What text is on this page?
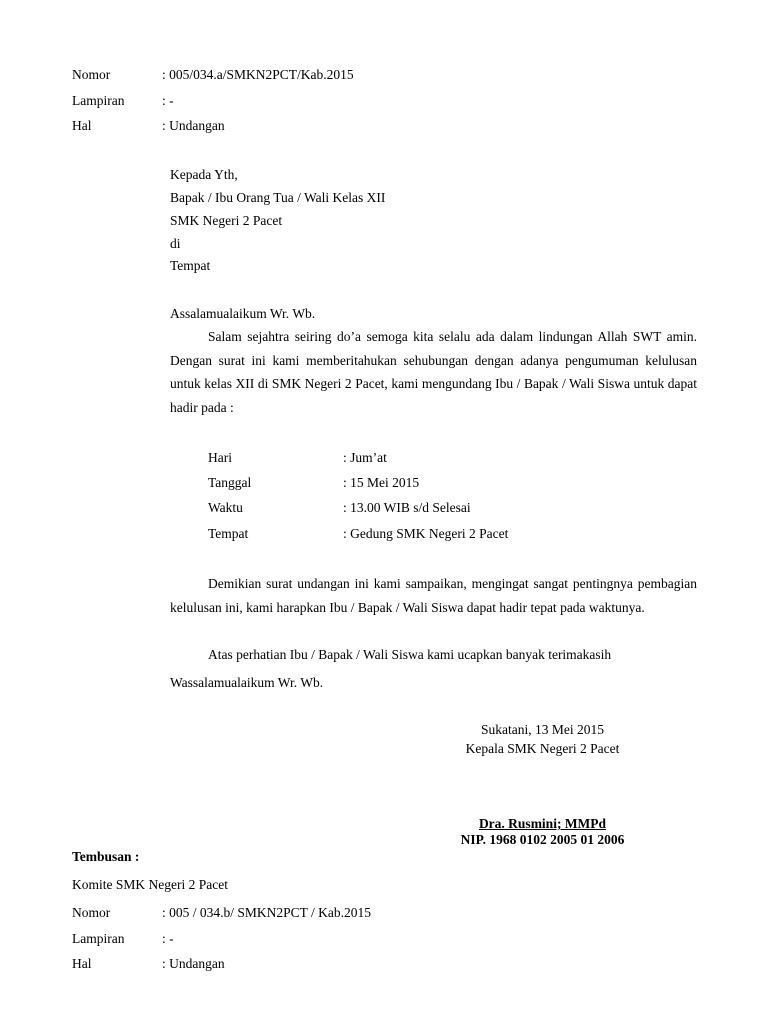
Nomor	: 005/034.a/SMKN2PCT/Kab.2015
Lampiran	: -
Hal	: Undangan
Kepada Yth,
Bapak / Ibu Orang Tua / Wali Kelas XII
SMK Negeri 2 Pacet
di
Tempat
Assalamualaikum Wr. Wb.

Salam sejahtra seiring do’a semoga kita selalu ada dalam lindungan Allah SWT amin. Dengan surat ini kami memberitahukan sehubungan dengan adanya pengumuman kelulusan untuk kelas XII di SMK Negeri 2 Pacet, kami mengundang Ibu / Bapak / Wali Siswa untuk dapat hadir pada :

Hari	: Jum’at
Tanggal	: 15 Mei 2015
Waktu	: 13.00 WIB s/d Selesai
Tempat	: Gedung SMK Negeri 2 Pacet

Demikian surat undangan ini kami sampaikan, mengingat sangat pentingnya pembagian kelulusan ini, kami harapkan Ibu / Bapak / Wali Siswa dapat hadir tepat pada waktunya.

Atas perhatian Ibu / Bapak / Wali Siswa kami ucapkan banyak terimakasih
Wassalamualaikum Wr. Wb.
Sukatani, 13 Mei 2015
Kepala SMK Negeri 2 Pacet
Dra. Rusmini; MMPd
NIP. 1968 0102 2005 01 2006
Tembusan :
Komite SMK Negeri 2 Pacet
Nomor	: 005 / 034.b/ SMKN2PCT / Kab.2015
Lampiran	: -
Hal	: Undangan
